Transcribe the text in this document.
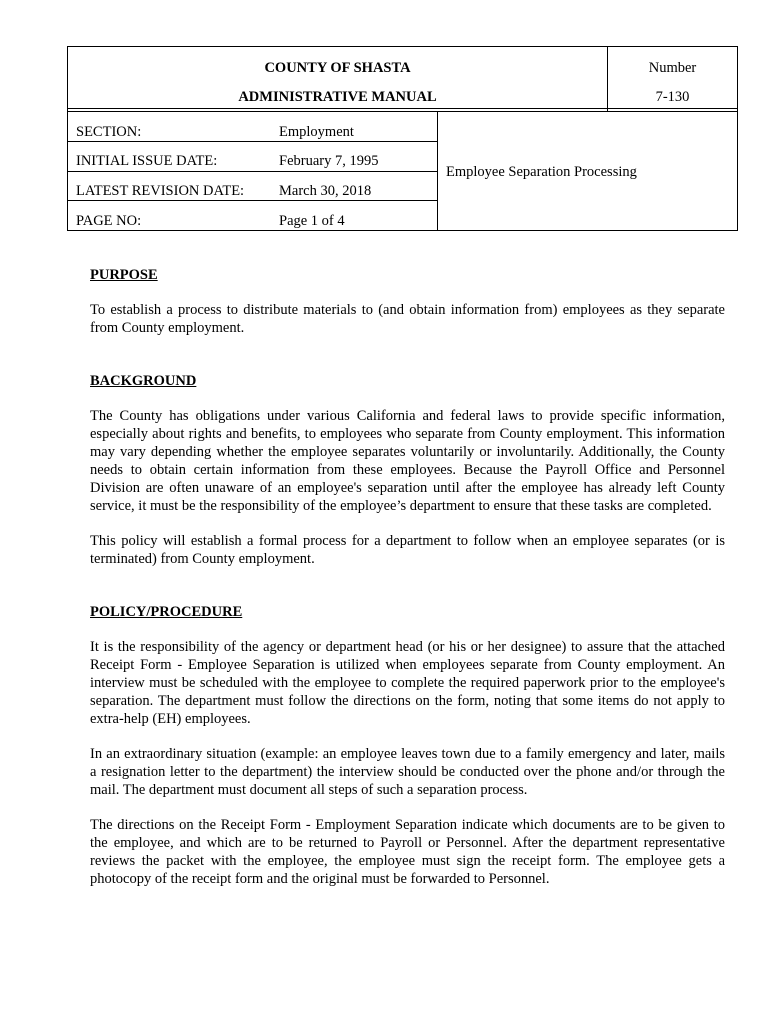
COUNTY OF SHASTA
ADMINISTRATIVE MANUAL
Number
7-130
SECTION:	Employment
INITIAL ISSUE DATE:	February 7, 1995
LATEST REVISION DATE: March 30, 2018
PAGE NO:	Page 1 of 4
Employee Separation Processing
PURPOSE
To establish a process to distribute materials to (and obtain information from) employees as they separate from County employment.
BACKGROUND
The County has obligations under various California and federal laws to provide specific information, especially about rights and benefits, to employees who separate from County employment. This information may vary depending whether the employee separates voluntarily or involuntarily. Additionally, the County needs to obtain certain information from these employees. Because the Payroll Office and Personnel Division are often unaware of an employee's separation until after the employee has already left County service, it must be the responsibility of the employee’s department to ensure that these tasks are completed.
This policy will establish a formal process for a department to follow when an employee separates (or is terminated) from County employment.
POLICY/PROCEDURE
It is the responsibility of the agency or department head (or his or her designee) to assure that the attached Receipt Form - Employee Separation is utilized when employees separate from County employment. An interview must be scheduled with the employee to complete the required paperwork prior to the employee's separation. The department must follow the directions on the form, noting that some items do not apply to extra-help (EH) employees.
In an extraordinary situation (example: an employee leaves town due to a family emergency and later, mails a resignation letter to the department) the interview should be conducted over the phone and/or through the mail. The department must document all steps of such a separation process.
The directions on the Receipt Form - Employment Separation indicate which documents are to be given to the employee, and which are to be returned to Payroll or Personnel. After the department representative reviews the packet with the employee, the employee must sign the receipt form. The employee gets a photocopy of the receipt form and the original must be forwarded to Personnel.
